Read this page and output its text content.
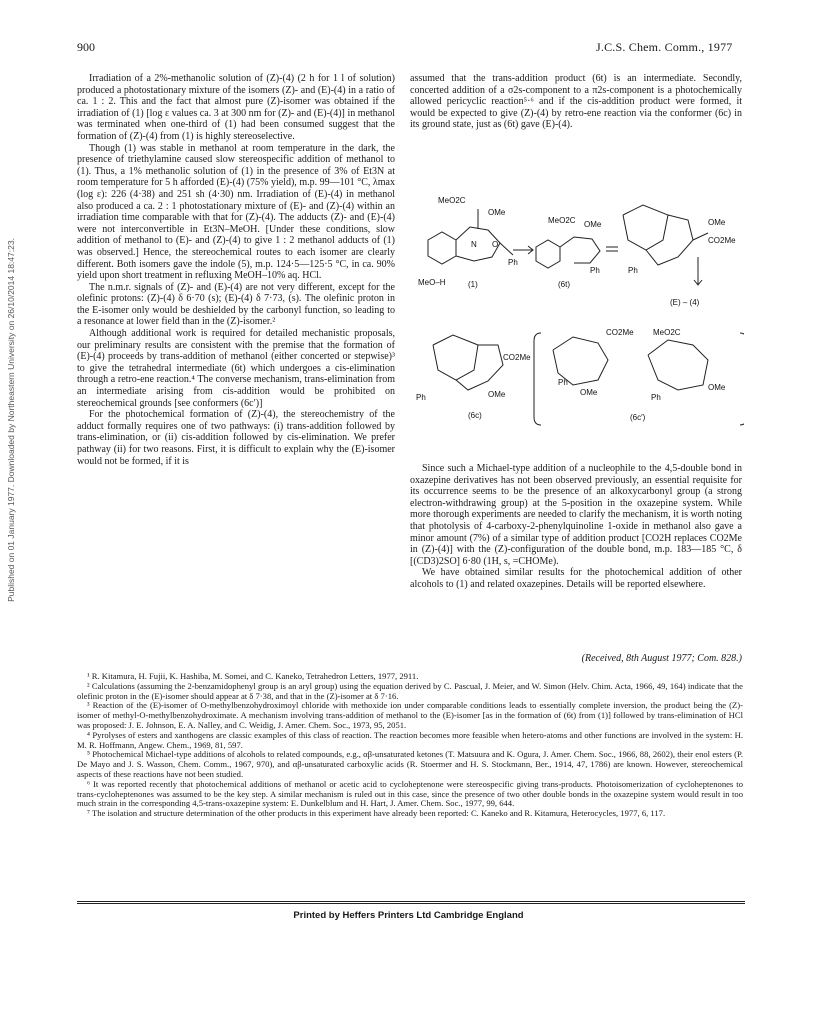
900	J.C.S. Chem. Comm., 1977
Published on 01 January 1977. Downloaded by Northeastern University on 26/10/2014 18:47:23.

Irradiation of a 2%-methanolic solution of (Z)-(4) (2 h for 1 l of solution) produced a photostationary mixture of the isomers (Z)- and (E)-(4) in a ratio of ca. 1 : 2. This and the fact that almost pure (Z)-isomer was obtained if the irradiation of (1) [log ε values ca. 3 at 300 nm for (Z)- and (E)-(4)] in methanol was terminated when one-third of (1) had been consumed suggest that the formation of (Z)-(4) from (1) is highly stereoselective.

Though (1) was stable in methanol at room temperature in the dark, the presence of triethylamine caused slow stereospecific addition of methanol to (1). Thus, a 1% methanolic solution of (1) in the presence of 3% of Et3N at room temperature for 5 h afforded (E)-(4) (75% yield), m.p. 99—101 °C, λmax (log ε): 226 (4·38) and 251 sh (4·30) nm. Irradiation of (E)-(4) in methanol also produced a ca. 2 : 1 photostationary mixture of (E)- and (Z)-(4) within an irradiation time comparable with that for (Z)-(4). The adducts (Z)- and (E)-(4) were not interconvertible in Et3N–MeOH. [Under these conditions, slow addition of methanol to (E)- and (Z)-(4) to give 1 : 2 methanol adducts of (1) was observed.] Hence, the stereochemical routes to each isomer are clearly different. Both isomers gave the indole (5), m.p. 124·5—125·5 °C, in ca. 90% yield upon short treatment in refluxing MeOH–10% aq. HCl.

The n.m.r. signals of (Z)- and (E)-(4) are not very different, except for the olefinic protons: (Z)-(4) δ 6·70 (s); (E)-(4) δ 7·73, (s). The olefinic proton in the E-isomer only would be deshielded by the carbonyl function, so leading to a resonance at lower field than in the (Z)-isomer.²

Although additional work is required for detailed mechanistic proposals, our preliminary results are consistent with the premise that the formation of (E)-(4) proceeds by trans-addition of methanol (either concerted or stepwise)³ to give the tetrahedral intermediate (6t) which undergoes a cis-elimination through a retro-ene reaction.⁴ The converse mechanism, trans-elimination from an intermediate arising from cis-addition would be prohibited on stereochemical grounds [see conformers (6c′)]

For the photochemical formation of (Z)-(4), the stereochemistry of the adduct formally requires one of two pathways: (i) trans-addition followed by trans-elimination, or (ii) cis-addition followed by cis-elimination. We prefer pathway (ii) for two reasons. First, it is difficult to explain why the (E)-isomer would not be formed, if it is

assumed that the trans-addition product (6t) is an intermediate. Secondly, concerted addition of a σ2s-component to a π2s-component is a photochemically allowed pericyclic reaction⁵·⁶ and if the cis-addition product were formed, it would be expected to give (Z)-(4) by retro-ene reaction via the conformer (6c) in its ground state, just as (6t) gave (E)-(4).

MeO2C
OMe
N O
Ph
MeO–H	(1)
MeO2C OMe
Ph
(6t)
OMe
CO2Me
Ph
(E) – (4)
CO2Me
OMe
Ph
(6c)
CO2Me MeO2C
Ph
OMe
Ph
OMe
(6c′)

Since such a Michael-type addition of a nucleophile to the 4,5-double bond in oxazepine derivatives has not been observed previously, an essential requisite for its occurrence seems to be the presence of an alkoxycarbonyl group (a strong electron-withdrawing group) at the 5-position in the oxazepine system. While more thorough experiments are needed to clarify the mechanism, it is worth noting that photolysis of 4-carboxy-2-phenylquinoline 1-oxide in methanol also gave a minor amount (7%) of a similar type of addition product [CO2H replaces CO2Me in (Z)-(4)] with the (Z)-configuration of the double bond, m.p. 183—185 °C, δ [(CD3)2SO] 6·80 (1H, s, =CHOMe).

We have obtained similar results for the photochemical addition of other alcohols to (1) and related oxazepines. Details will be reported elsewhere.

(Received, 8th August 1977; Com. 828.)

¹ R. Kitamura, H. Fujii, K. Hashiba, M. Somei, and C. Kaneko, Tetrahedron Letters, 1977, 2911.

² Calculations (assuming the 2-benzamidophenyl group is an aryl group) using the equation derived by C. Pascual, J. Meier, and W. Simon (Helv. Chim. Acta, 1966, 49, 164) indicate that the olefinic proton in the (E)-isomer should appear at δ 7·38, and that in the (Z)-isomer at δ 7·16.

³ Reaction of the (E)-isomer of O-methylbenzohydroximoyl chloride with methoxide ion under comparable conditions leads to essentially complete inversion, the product being the (Z)-isomer of methyl-O-methylbenzohydroximate. A mechanism involving trans-addition of methanol to the (E)-isomer [as in the formation of (6t) from (1)] followed by trans-elimination of HCl was proposed: J. E. Johnson, E. A. Nalley, and C. Weidig, J. Amer. Chem. Soc., 1973, 95, 2051.

⁴ Pyrolyses of esters and xanthogens are classic examples of this class of reaction. The reaction becomes more feasible when hetero-atoms and other functions are involved in the system: H. M. R. Hoffmann, Angew. Chem., 1969, 81, 597.

⁵ Photochemical Michael-type additions of alcohols to related compounds, e.g., αβ-unsaturated ketones (T. Matsuura and K. Ogura, J. Amer. Chem. Soc., 1966, 88, 2602), their enol esters (P. De Mayo and J. S. Wasson, Chem. Comm., 1967, 970), and αβ-unsaturated carboxylic acids (R. Stoermer and H. S. Stockmann, Ber., 1914, 47, 1786) are known. However, stereochemical aspects of these reactions have not been studied.

⁶ It was reported recently that photochemical additions of methanol or acetic acid to cycloheptenone were stereospecific giving trans-products. Photoisomerization of cycloheptenones to trans-cycloheptenones was assumed to be the key step. A similar mechanism is ruled out in this case, since the presence of two other double bonds in the oxazepine system would result in too much strain in the corresponding 4,5-trans-oxazepine system: E. Dunkelblum and H. Hart, J. Amer. Chem. Soc., 1977, 99, 644.

⁷ The isolation and structure determination of the other products in this experiment have already been reported: C. Kaneko and R. Kitamura, Heterocycles, 1977, 6, 117.

Printed by Heffers Printers Ltd Cambridge England
